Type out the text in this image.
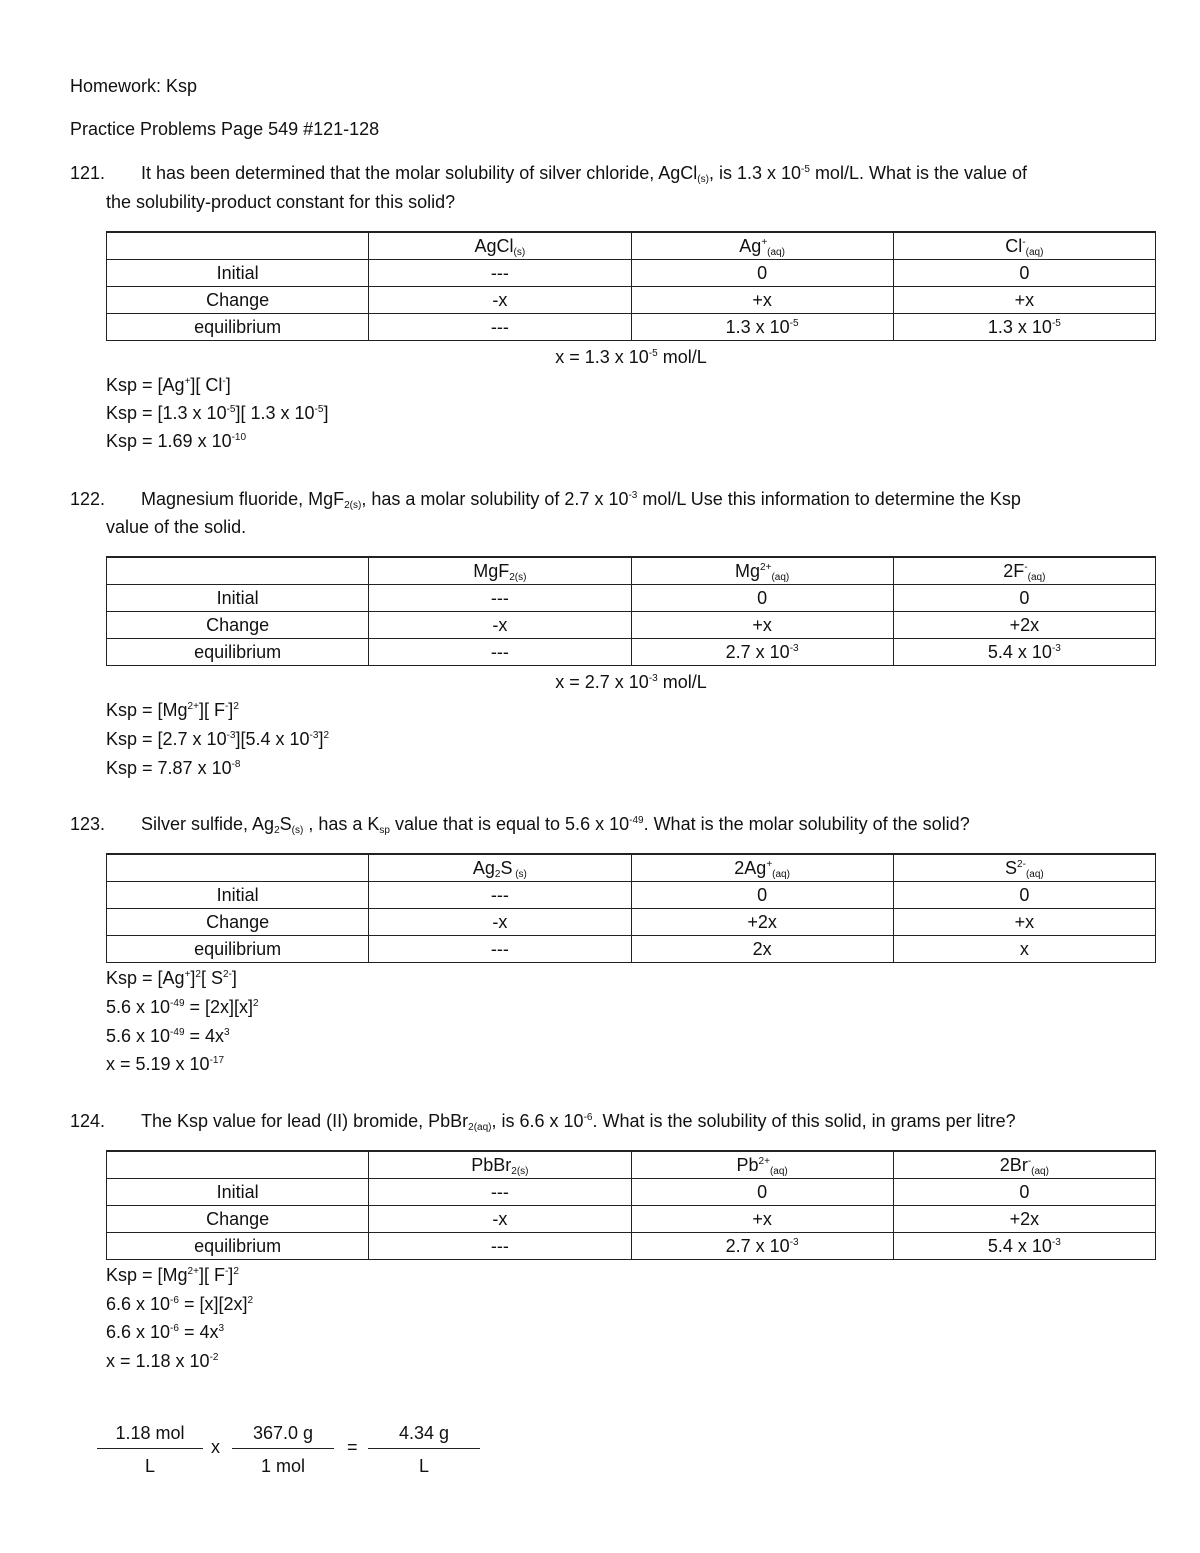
Homework: Ksp
Practice Problems Page 549 #121-128
121. It has been determined that the molar solubility of silver chloride, AgCl$_{(s)}$, is 1.3 x $10^{-5}$ mol/L. What is the value of
the solubility-product constant for this solid?
	AgCl$_{(s)}$	$Ag^+_{(aq)}$	$Cl^-_{(aq)}$
Initial	---	0	0
Change	-x	+x	+x
equilibrium	---	1.3 x $10^{-5}$	1.3 x $10^{-5}$
x = 1.3 x $10^{-5}$ mol/L
Ksp = [Ag+][ Cl-]
Ksp = [1.3 x $10^{-5}$][ 1.3 x $10^{-5}$]
Ksp = 1.69 x $10^{-10}$
122. Magnesium fluoride, MgF$_{2(s)}$, has a molar solubility of 2.7 x $10^{-3}$ mol/L Use this information to determine the Ksp
value of the solid.
	MgF$_{2(s)}$	$Mg^{2+}_{(aq)}$	$2F^-_{(aq)}$
Initial	---	0	0
Change	-x	+x	+2x
equilibrium	---	2.7 x $10^{-3}$	5.4 x $10^{-3}$
x = 2.7 x $10^{-3}$ mol/L
Ksp = $[Mg^{2+}]$[ F-]$^2$
Ksp = [2.7 x $10^{-3}][5.4$ x $10^{-3}]^2$
Ksp = 7.87 x $10^{-8}$
123. Silver sulfide, $Ag_2S_{(s)}$ , has a $K_{sp}$ value that is equal to 5.6 x $10^{-49}$. What is the molar solubility of the solid?
	$Ag_2S$ $_{(s)}$	$2Ag^+_{(aq)}$	$S^{2-}_{(aq)}$
Initial	---	0	0
Change	-x	+2x	+x
equilibrium	---	2x	x
Ksp = $[Ag^+]^2$[ $S^{2-}$]
5.6 x $10^{-49} = [2x][x]^2$
5.6 x $10^{-49} = 4x^3$
x = 5.19 x $10^{-17}$
124. The Ksp value for lead (II) bromide, PbBr$_{2(aq)}$, is 6.6 x $10^{-6}$. What is the solubility of this solid, in grams per litre?
	PbBr$_{2(s)}$	$Pb^{2+}_{(aq)}$	$2Br^-_{(aq)}$
Initial	---	0	0
Change	-x	+x	+2x
equilibrium	---	2.7 x $10^{-3}$	5.4 x $10^{-3}$
Ksp = $[Mg^{2+}]$[ F-]$^2$
6.6 x $10^{-6} = [x][2x]^2$
6.6 x $10^{-6} = 4x^3$
x = 1.18 x $10^{-2}$
1.18 mol
L
x
367.0 g
1 mol
= $\frac{4.34 g}{L}$
